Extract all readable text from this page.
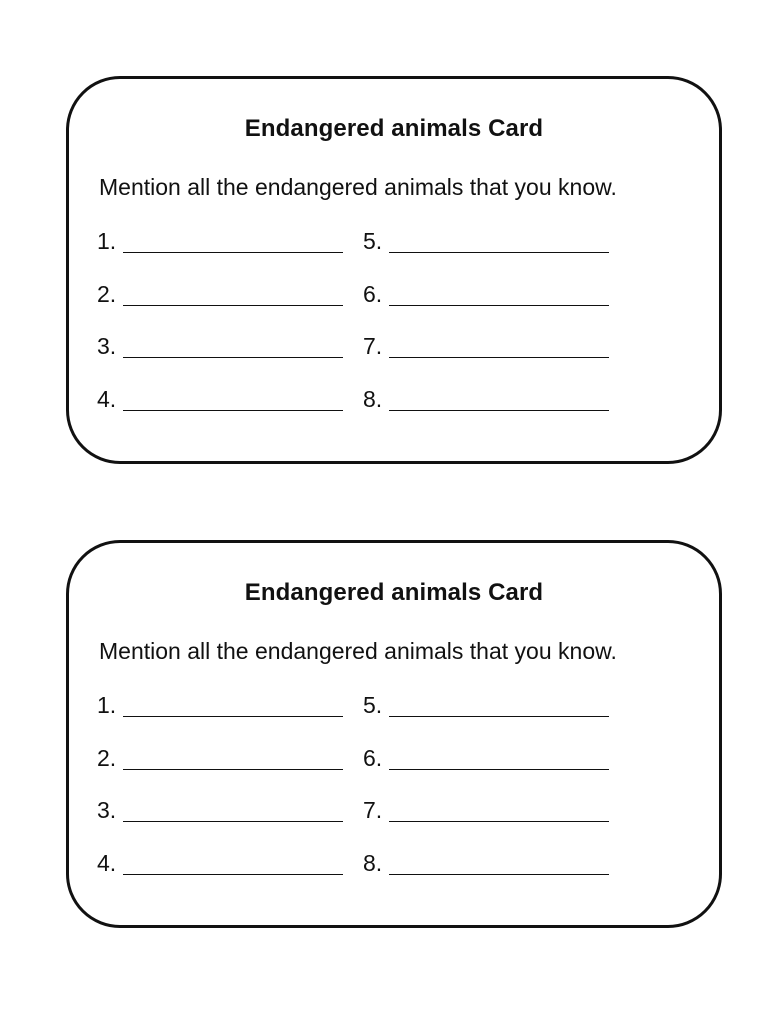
Endangered animals Card
Mention all the endangered animals that you know.
1.
2.
3.
4.
5.
6.
7.
8.
Endangered animals Card
Mention all the endangered animals that you know.
1.
2.
3.
4.
5.
6.
7.
8.
